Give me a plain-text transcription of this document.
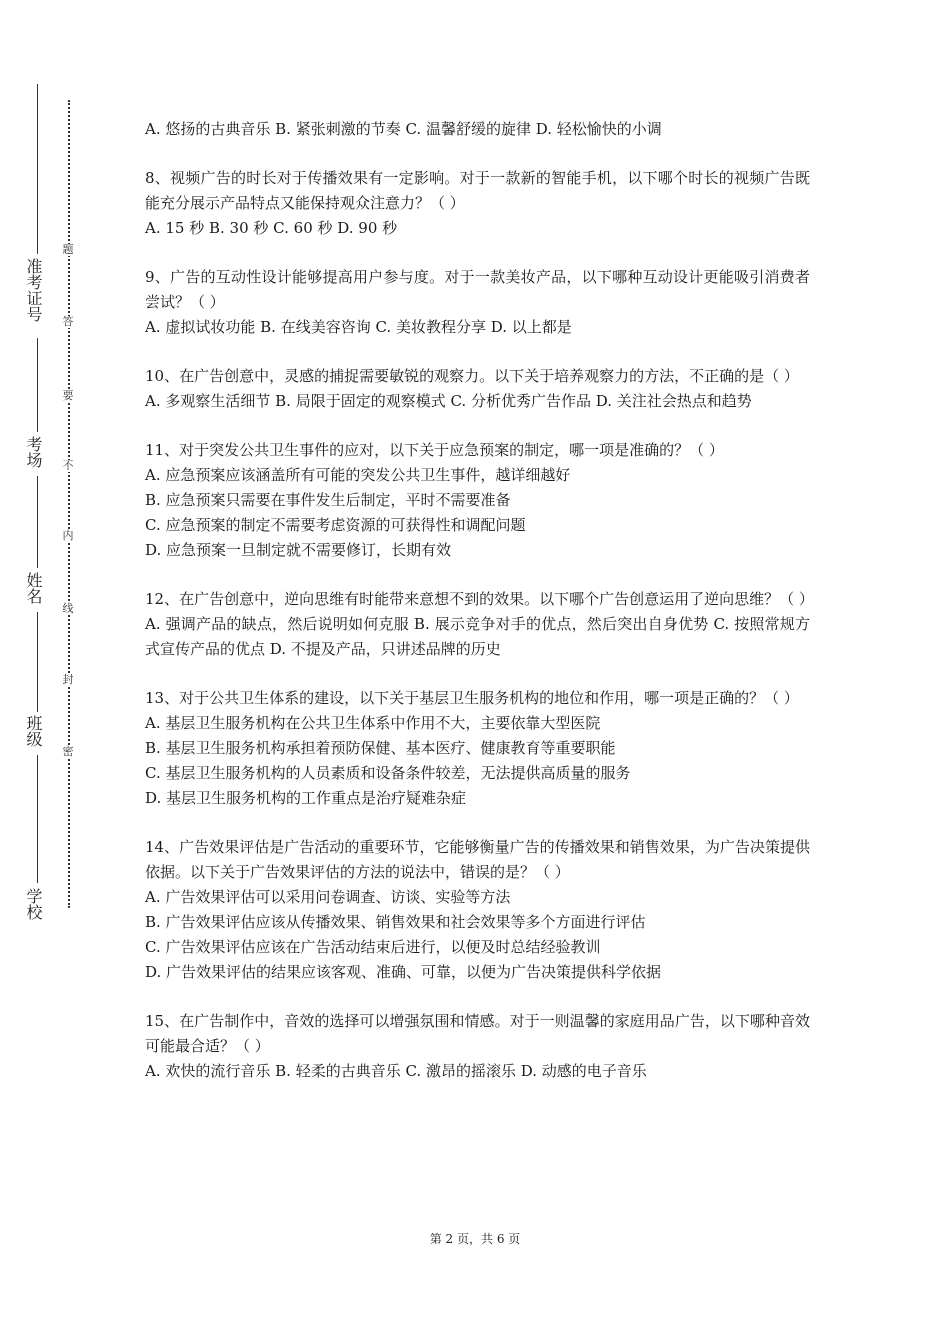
准考证号
考场
姓名
班级
学校
题
答
要
不
内
线
封
密

A. 悠扬的古典音乐 B. 紧张刺激的节奏 C. 温馨舒缓的旋律 D. 轻松愉快的小调

8、视频广告的时长对于传播效果有一定影响。对于一款新的智能手机，以下哪个时长的视频广告既能充分展示产品特点又能保持观众注意力？（ ）

A. 15 秒 B. 30 秒 C. 60 秒 D. 90 秒

9、广告的互动性设计能够提高用户参与度。对于一款美妆产品，以下哪种互动设计更能吸引消费者尝试？（ ）

A. 虚拟试妆功能 B. 在线美容咨询 C. 美妆教程分享 D. 以上都是

10、在广告创意中，灵感的捕捉需要敏锐的观察力。以下关于培养观察力的方法，不正确的是（ ）

A. 多观察生活细节 B. 局限于固定的观察模式 C. 分析优秀广告作品 D. 关注社会热点和趋势

11、对于突发公共卫生事件的应对，以下关于应急预案的制定，哪一项是准确的？（ ）

A. 应急预案应该涵盖所有可能的突发公共卫生事件，越详细越好

B. 应急预案只需要在事件发生后制定，平时不需要准备

C. 应急预案的制定不需要考虑资源的可获得性和调配问题

D. 应急预案一旦制定就不需要修订，长期有效

12、在广告创意中，逆向思维有时能带来意想不到的效果。以下哪个广告创意运用了逆向思维？（ ）

A. 强调产品的缺点，然后说明如何克服 B. 展示竞争对手的优点，然后突出自身优势 C. 按照常规方式宣传产品的优点 D. 不提及产品，只讲述品牌的历史

13、对于公共卫生体系的建设，以下关于基层卫生服务机构的地位和作用，哪一项是正确的？（ ）

A. 基层卫生服务机构在公共卫生体系中作用不大，主要依靠大型医院

B. 基层卫生服务机构承担着预防保健、基本医疗、健康教育等重要职能

C. 基层卫生服务机构的人员素质和设备条件较差，无法提供高质量的服务

D. 基层卫生服务机构的工作重点是治疗疑难杂症

14、广告效果评估是广告活动的重要环节，它能够衡量广告的传播效果和销售效果，为广告决策提供依据。以下关于广告效果评估的方法的说法中，错误的是？（ ）

A. 广告效果评估可以采用问卷调查、访谈、实验等方法

B. 广告效果评估应该从传播效果、销售效果和社会效果等多个方面进行评估

C. 广告效果评估应该在广告活动结束后进行，以便及时总结经验教训

D. 广告效果评估的结果应该客观、准确、可靠，以便为广告决策提供科学依据

15、在广告制作中，音效的选择可以增强氛围和情感。对于一则温馨的家庭用品广告，以下哪种音效可能最合适？（ ）

A. 欢快的流行音乐 B. 轻柔的古典音乐 C. 激昂的摇滚乐 D. 动感的电子音乐

第 2 页，共 6 页
